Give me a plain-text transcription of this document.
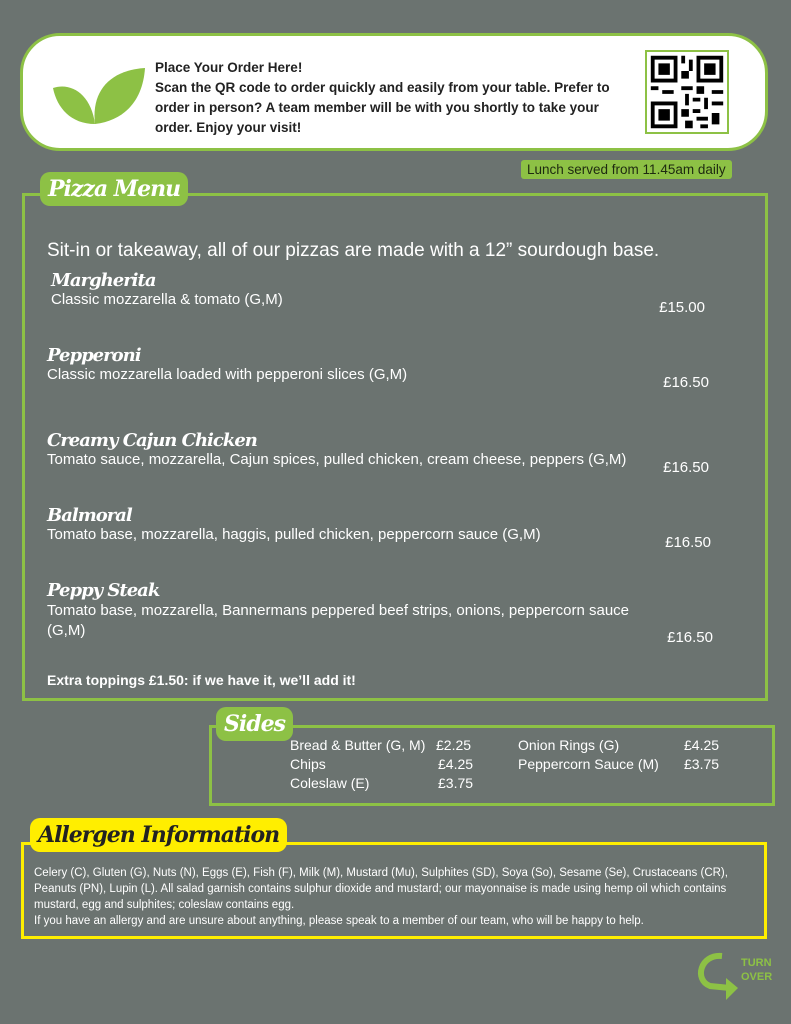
Place Your Order Here!
Scan the QR code to order quickly and easily from your table. Prefer to order in person? A team member will be with you shortly to take your order. Enjoy your visit!
Lunch served from 11.45am daily
Sit-in or takeaway, all of our pizzas are made with a 12” sourdough base.
Margherita
Classic mozzarella & tomato (G,M)	£15.00
Pepperoni
Classic mozzarella loaded with pepperoni slices (G,M)	£16.50
Creamy Cajun Chicken
Tomato sauce, mozzarella, Cajun spices, pulled chicken, cream cheese, peppers (G,M) £16.50
Balmoral
Tomato base, mozzarella, haggis, pulled chicken, peppercorn sauce (G,M)	£16.50
Peppy Steak
Tomato base, mozzarella, Bannermans peppered beef strips, onions, peppercorn sauce (G,M)	£16.50
Extra toppings £1.50: if we have it, we’ll add it!
Pizza Menu
Bread & Butter (G, M) £2.25
Chips	£4.25
Coleslaw (E)	£3.75
Onion Rings (G)	£4.25
Peppercorn Sauce (M) £3.75
Sides
Celery (C), Gluten (G), Nuts (N), Eggs (E), Fish (F), Milk (M), Mustard (Mu), Sulphites (SD), Soya (So), Sesame (Se), Crustaceans (CR), Peanuts (PN), Lupin (L). All salad garnish contains sulphur dioxide and mustard; our mayonnaise is made using hemp oil which contains mustard, egg and sulphites; coleslaw contains egg.
If you have an allergy and are unsure about anything, please speak to a member of our team, who will be happy to help.
Allergen Information
TURN
OVER
